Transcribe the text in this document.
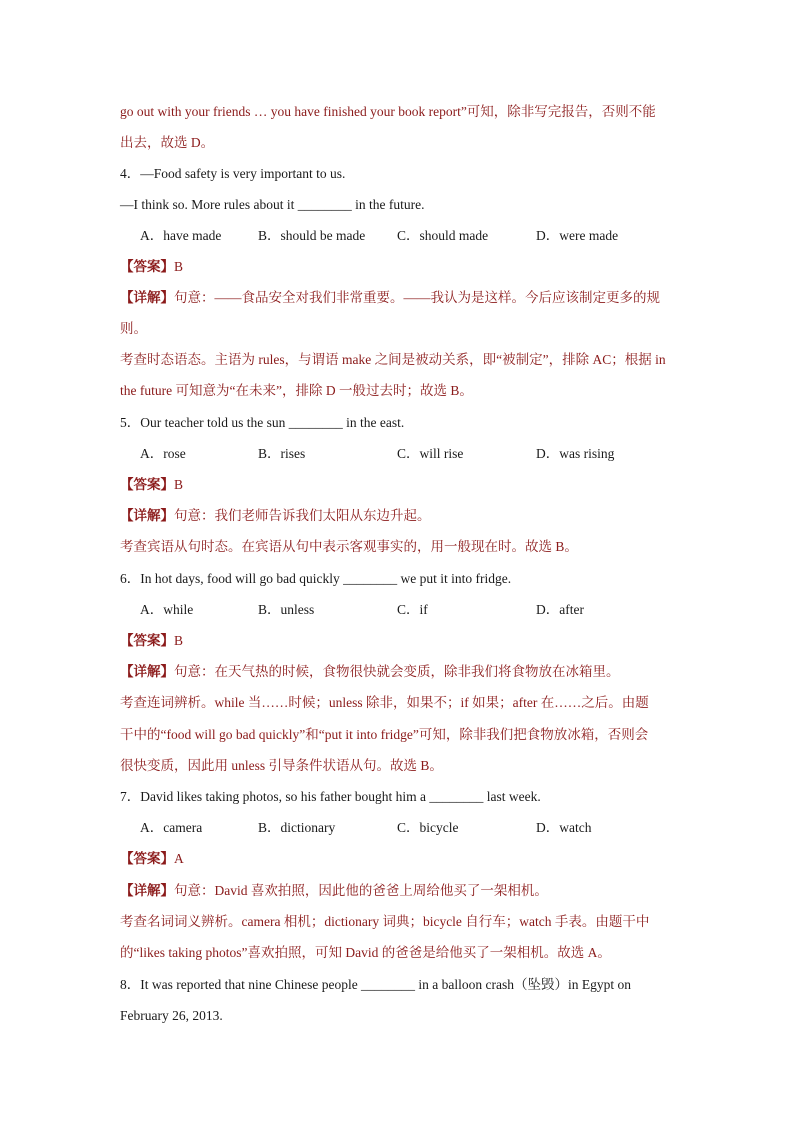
go out with your friends … you have finished your book report”可知，除非写完报告，否则不能
出去，故选 D。
4．—Food safety is very important to us.
—I think so. More rules about it ________ in the future.
A．have made	B．should be made C．should made	D．were made
【答案】B
【详解】句意：——食品安全对我们非常重要。——我认为是这样。今后应该制定更多的规
则。
考查时态语态。主语为 rules，与谓语 make 之间是被动关系，即“被制定”，排除 AC；根据 in
the future 可知意为“在未来”，排除 D 一般过去时；故选 B。
5．Our teacher told us the sun ________ in the east.
A．rose	B．rises	C．will rise	D．was rising
【答案】B
【详解】句意：我们老师告诉我们太阳从东边升起。
考查宾语从句时态。在宾语从句中表示客观事实的，用一般现在时。故选 B。
6．In hot days, food will go bad quickly ________ we put it into fridge.
A．while	B．unless	C．if	D．after
【答案】B
【详解】句意：在天气热的时候，食物很快就会变质，除非我们将食物放在冰箱里。
考查连词辨析。while 当……时候；unless 除非，如果不；if 如果；after 在……之后。由题
干中的“food will go bad quickly”和“put it into fridge”可知，除非我们把食物放冰箱，否则会
很快变质，因此用 unless 引导条件状语从句。故选 B。
7．David likes taking photos, so his father bought him a ________ last week.
A．camera	B．dictionary	C．bicycle	D．watch
【答案】A
【详解】句意：David 喜欢拍照，因此他的爸爸上周给他买了一架相机。
考查名词词义辨析。camera 相机；dictionary 词典；bicycle 自行车；watch 手表。由题干中
的“likes taking photos”喜欢拍照，可知 David 的爸爸是给他买了一架相机。故选 A。
8．It was reported that nine Chinese people ________ in a balloon crash（坠毁）in Egypt on
February 26, 2013.
